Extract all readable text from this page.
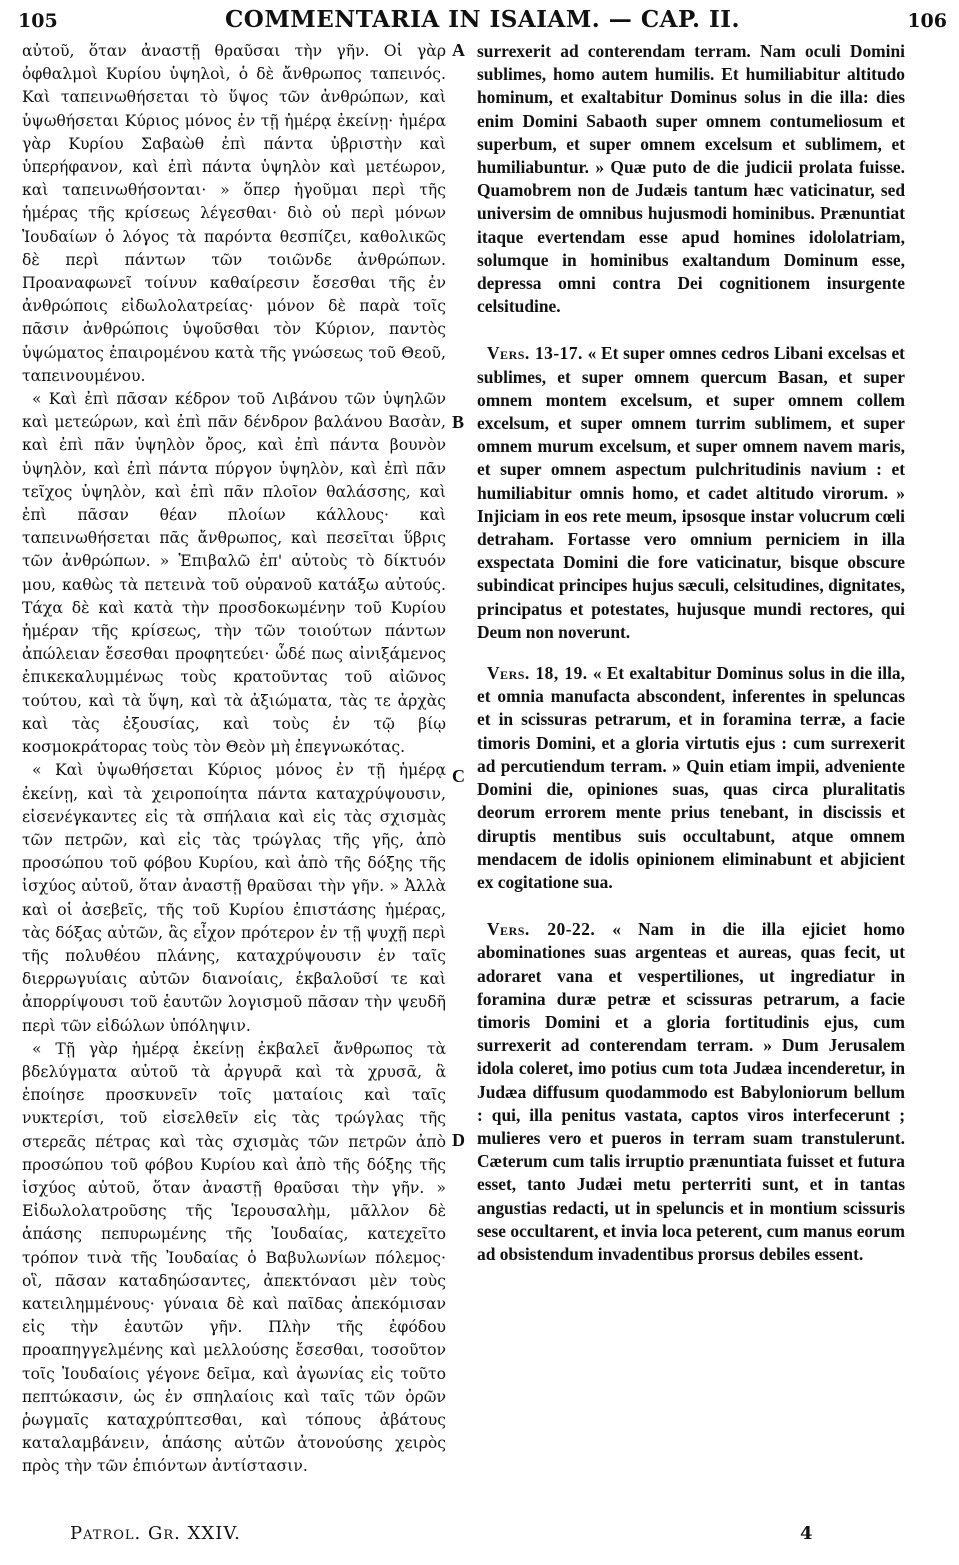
105	COMMENTARIA IN ISAIAM. — CAP. II.	106

αὐτοῦ, ὅταν ἀναστῇ θραῦσαι τὴν γῆν. Οἱ γὰρ ὀφθαλμοὶ Κυρίου ὑψηλοὶ, ὁ δὲ ἄνθρωπος ταπεινός. Καὶ ταπεινωθήσεται τὸ ὕψος τῶν ἀνθρώπων, καὶ ὑψωθήσεται Κύριος μόνος ἐν τῇ ἡμέρᾳ ἐκείνῃ· ἡμέρα γὰρ Κυρίου Σαβαὼθ ἐπὶ πάντα ὑβριστὴν καὶ ὑπερήφανον, καὶ ἐπὶ πάντα ὑψηλὸν καὶ μετέωρον, καὶ ταπεινωθήσονται· » ὅπερ ἡγοῦμαι περὶ τῆς ἡμέρας τῆς κρίσεως λέγεσθαι· διὸ οὐ περὶ μόνων Ἰουδαίων ὁ λόγος τὰ παρόντα θεσπίζει, καθολικῶς δὲ περὶ πάντων τῶν τοιῶνδε ἀνθρώπων. Προαναφωνεῖ τοίνυν καθαίρεσιν ἔσεσθαι τῆς ἐν ἀνθρώποις εἰδωλολατρείας· μόνον δὲ παρὰ τοῖς πᾶσιν ἀνθρώποις ὑψοῦσθαι τὸν Κύριον, παντὸς ὑψώματος ἐπαιρομένου κατὰ τῆς γνώσεως τοῦ Θεοῦ, ταπεινουμένου.

« Καὶ ἐπὶ πᾶσαν κέδρον τοῦ Λιβάνου τῶν ὑψηλῶν καὶ μετεώρων, καὶ ἐπὶ πᾶν δένδρον βαλάνου Βασὰν, καὶ ἐπὶ πᾶν ὑψηλὸν ὄρος, καὶ ἐπὶ πάντα βουνὸν ὑψηλὸν, καὶ ἐπὶ πάντα πύργον ὑψηλὸν, καὶ ἐπὶ πᾶν τεῖχος ὑψηλὸν, καὶ ἐπὶ πᾶν πλοῖον θαλάσσης, καὶ ἐπὶ πᾶσαν θέαν πλοίων κάλλους· καὶ ταπεινωθήσεται πᾶς ἄνθρωπος, καὶ πεσεῖται ὕβρις τῶν ἀνθρώπων. » Ἐπιβαλῶ ἐπ' αὐτοὺς τὸ δίκτυόν μου, καθὼς τὰ πετεινὰ τοῦ οὐρανοῦ κατάξω αὐτούς. Τάχα δὲ καὶ κατὰ τὴν προσδοκωμένην τοῦ Κυρίου ἡμέραν τῆς κρίσεως, τὴν τῶν τοιούτων πάντων ἀπώλειαν ἔσεσθαι προφητεύει· ὧδέ πως αἰνιξάμενος ἐπικεκαλυμμένως τοὺς κρατοῦντας τοῦ αἰῶνος τούτου, καὶ τὰ ὕψη, καὶ τὰ ἀξιώματα, τὰς τε ἀρχὰς καὶ τὰς ἐξουσίας, καὶ τοὺς ἐν τῷ βίῳ κοσμοκράτορας τοὺς τὸν Θεὸν μὴ ἐπεγνωκότας.

« Καὶ ὑψωθήσεται Κύριος μόνος ἐν τῇ ἡμέρᾳ ἐκείνῃ, καὶ τὰ χειροποίητα πάντα καταχρύψουσιν, εἰσενέγκαντες εἰς τὰ σπήλαια καὶ εἰς τὰς σχισμὰς τῶν πετρῶν, καὶ εἰς τὰς τρώγλας τῆς γῆς, ἀπὸ προσώπου τοῦ φόβου Κυρίου, καὶ ἀπὸ τῆς δόξης τῆς ἰσχύος αὐτοῦ, ὅταν ἀναστῇ θραῦσαι τὴν γῆν. » Ἀλλὰ καὶ οἱ ἀσεβεῖς, τῆς τοῦ Κυρίου ἐπιστάσης ἡμέρας, τὰς δόξας αὐτῶν, ἃς εἶχον πρότερον ἐν τῇ ψυχῇ περὶ τῆς πολυθέου πλάνης, καταχρύψουσιν ἐν ταῖς διερρωγυίαις αὐτῶν διανοίαις, ἐκβαλοῦσί τε καὶ ἀπορρίψουσι τοῦ ἑαυτῶν λογισμοῦ πᾶσαν τὴν ψευδῆ περὶ τῶν εἰδώλων ὑπόληψιν.

« Τῇ γὰρ ἡμέρᾳ ἐκείνῃ ἐκβαλεῖ ἄνθρωπος τὰ βδελύγματα αὐτοῦ τὰ ἀργυρᾶ καὶ τὰ χρυσᾶ, ἃ ἐποίησε προσκυνεῖν τοῖς ματαίοις καὶ ταῖς νυκτερίσι, τοῦ εἰσελθεῖν εἰς τὰς τρώγλας τῆς στερεᾶς πέτρας καὶ τὰς σχισμὰς τῶν πετρῶν ἀπὸ προσώπου τοῦ φόβου Κυρίου καὶ ἀπὸ τῆς δόξης τῆς ἰσχύος αὐτοῦ, ὅταν ἀναστῇ θραῦσαι τὴν γῆν. » Εἰδωλολατροῦσης τῆς Ἱερουσαλὴμ, μᾶλλον δὲ ἁπάσης πεπυρωμένης τῆς Ἰουδαίας, κατεχεῖτο τρόπον τινὰ τῆς Ἰουδαίας ὁ Βαβυλωνίων πόλεμος· οἳ, πᾶσαν καταδηώσαντες, ἀπεκτόνασι μὲν τοὺς κατειλημμένους· γύναια δὲ καὶ παῖδας ἀπεκόμισαν εἰς τὴν ἑαυτῶν γῆν. Πλὴν τῆς ἐφόδου προαπηγγελμένης καὶ μελλούσης ἔσεσθαι, τοσοῦτον τοῖς Ἰουδαίοις γέγονε δεῖμα, καὶ ἀγωνίας εἰς τοῦτο πεπτώκασιν, ὡς ἐν σπηλαίοις καὶ ταῖς τῶν ὀρῶν ῥωγμαῖς καταχρύπτεσθαι, καὶ τόπους ἀβάτους καταλαμβάνειν, ἁπάσης αὐτῶν ἀτονούσης χειρὸς πρὸς τὴν τῶν ἐπιόντων ἀντίστασιν.

A
B
C
D

surrexerit ad conterendam terram. Nam oculi Domini sublimes, homo autem humilis. Et humiliabitur altitudo hominum, et exaltabitur Dominus solus in die illa: dies enim Domini Sabaoth super omnem contumeliosum et superbum, et super omnem excelsum et sublimem, et humiliabuntur. » Quæ puto de die judicii prolata fuisse. Quamobrem non de Judæis tantum hæc vaticinatur, sed universim de omnibus hujusmodi hominibus. Prænuntiat itaque evertendam esse apud homines idololatriam, solumque in hominibus exaltandum Dominum esse, depressa omni contra Dei cognitionem insurgente celsitudine.

Vers. 13-17. « Et super omnes cedros Libani excelsas et sublimes, et super omnem quercum Basan, et super omnem montem excelsum, et super omnem collem excelsum, et super omnem turrim sublimem, et super omnem murum excelsum, et super omnem navem maris, et super omnem aspectum pulchritudinis navium : et humiliabitur omnis homo, et cadet altitudo virorum. » Injiciam in eos rete meum, ipsosque instar volucrum cœli detraham. Fortasse vero omnium perniciem in illa exspectata Domini die fore vaticinatur, bisque obscure subindicat principes hujus sæculi, celsitudines, dignitates, principatus et potestates, hujusque mundi rectores, qui Deum non noverunt.

Vers. 18, 19. « Et exaltabitur Dominus solus in die illa, et omnia manufacta abscondent, inferentes in speluncas et in scissuras petrarum, et in foramina terræ, a facie timoris Domini, et a gloria virtutis ejus : cum surrexerit ad percutiendum terram. » Quin etiam impii, adveniente Domini die, opiniones suas, quas circa pluralitatis deorum errorem mente prius tenebant, in discissis et diruptis mentibus suis occultabunt, atque omnem mendacem de idolis opinionem eliminabunt et abjicient ex cogitatione sua.

Vers. 20-22. « Nam in die illa ejiciet homo abominationes suas argenteas et aureas, quas fecit, ut adoraret vana et vespertiliones, ut ingrediatur in foramina duræ petræ et scissuras petrarum, a facie timoris Domini et a gloria fortitudinis ejus, cum surrexerit ad conterendam terram. » Dum Jerusalem idola coleret, imo potius cum tota Judæa incenderetur, in Judæa diffusum quodammodo est Babyloniorum bellum : qui, illa penitus vastata, captos viros interfecerunt ; mulieres vero et pueros in terram suam transtulerunt. Cæterum cum talis irruptio prænuntiata fuisset et futura esset, tanto Judæi metu perterriti sunt, et in tantas angustias redacti, ut in speluncis et in montium scissuris sese occultarent, et invia loca peterent, cum manus eorum ad obsistendum invadentibus prorsus debiles essent.

Patrol. Gr. XXIV.	4
